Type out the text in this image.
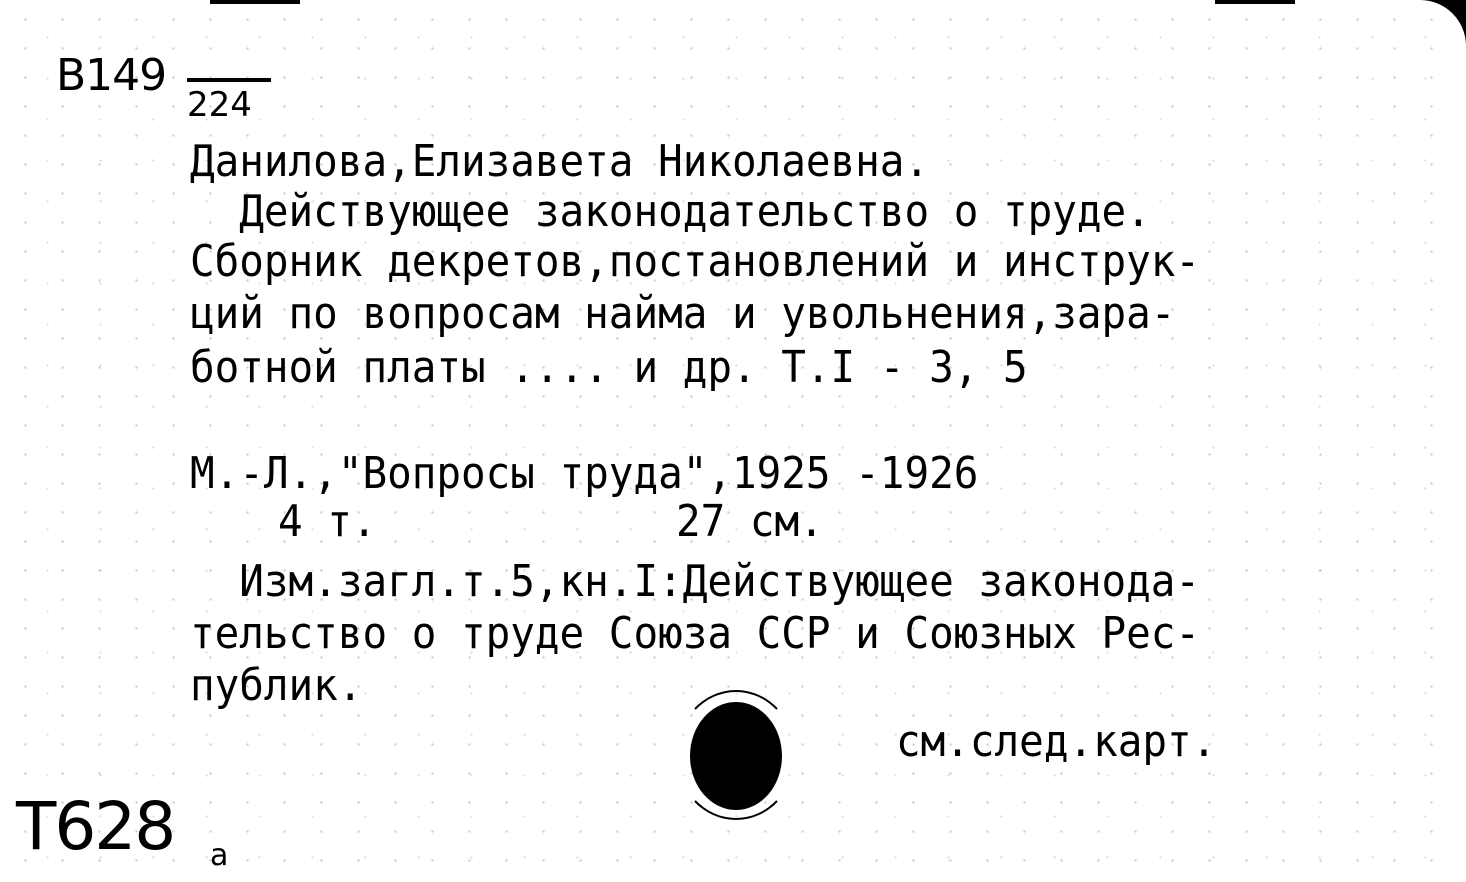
B149
224

Данилова,Елизавета Николаевна.

Действующее законодательство о труде.

Сборник декретов,постановлений и инструк-

ций по вопросам найма и увольнения,зара-

ботной платы .... и др. Т.I - 3, 5

М.-Л.,"Вопросы труда",1925 -1926

4 т.	27 см.

Изм.загл.т.5,кн.I:Действующее законода-

тельство о труде Союза ССР и Союзных Рес-

публик.

см.след.карт.

Т628 а
